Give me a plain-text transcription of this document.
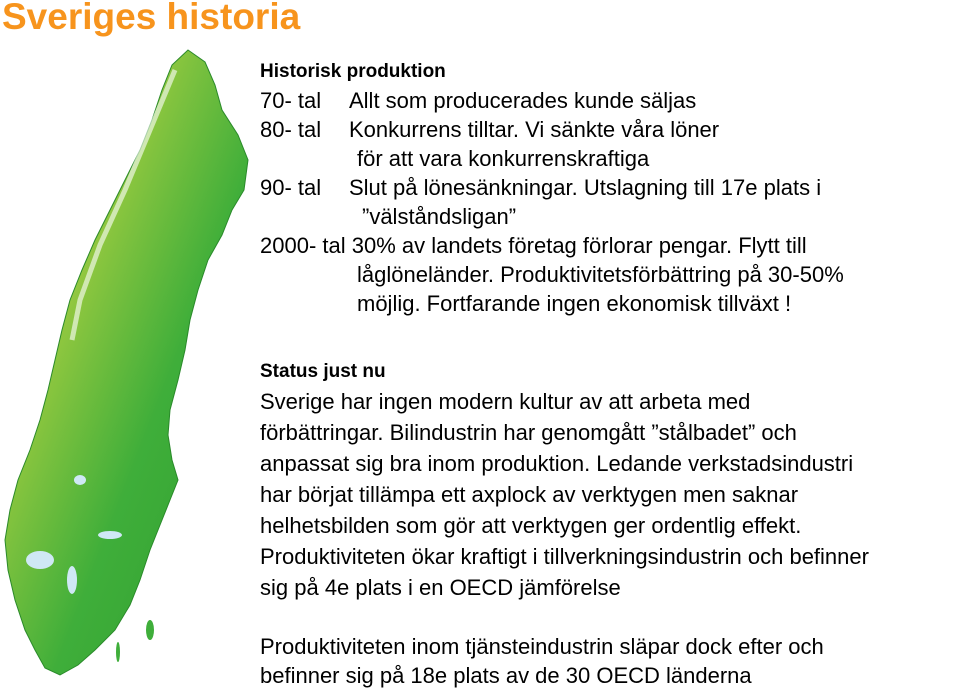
Sveriges historia
Historisk produktion
70- tal Allt som producerades kunde säljas
80- tal Konkurrens tilltar. Vi sänkte våra löner
för att vara konkurrenskraftiga
90- tal Slut på lönesänkningar. Utslagning till 17e plats i
”välståndsligan”
2000- tal 30% av landets företag förlorar pengar. Flytt till
låglöneländer. Produktivitetsförbättring på 30-50%
möjlig. Fortfarande ingen ekonomisk tillväxt !
Status just nu
Sverige har ingen modern kultur av att arbeta med
förbättringar. Bilindustrin har genomgått ”stålbadet” och
anpassat sig bra inom produktion. Ledande verkstadsindustri
har börjat tillämpa ett axplock av verktygen men saknar
helhetsbilden som gör att verktygen ger ordentlig effekt.
Produktiviteten ökar kraftigt i tillverkningsindustrin och befinner
sig på 4e plats i en OECD jämförelse
Produktiviteten inom tjänsteindustrin släpar dock efter och
befinner sig på 18e plats av de 30 OECD länderna
